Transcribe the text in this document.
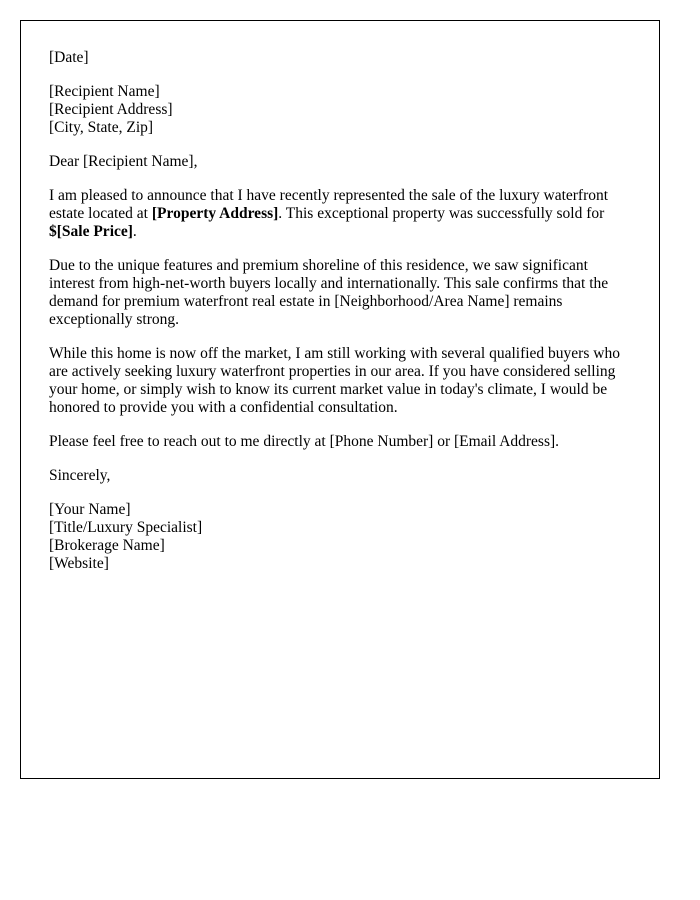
[Date]

[Recipient Name]
[Recipient Address]
[City, State, Zip]

Dear [Recipient Name],

I am pleased to announce that I have recently represented the sale of the luxury waterfront estate located at [Property Address]. This exceptional property was successfully sold for $[Sale Price].

Due to the unique features and premium shoreline of this residence, we saw significant interest from high-net-worth buyers locally and internationally. This sale confirms that the demand for premium waterfront real estate in [Neighborhood/Area Name] remains exceptionally strong.

While this home is now off the market, I am still working with several qualified buyers who are actively seeking luxury waterfront properties in our area. If you have considered selling your home, or simply wish to know its current market value in today's climate, I would be honored to provide you with a confidential consultation.

Please feel free to reach out to me directly at [Phone Number] or [Email Address].

Sincerely,

[Your Name]
[Title/Luxury Specialist]
[Brokerage Name]
[Website]
